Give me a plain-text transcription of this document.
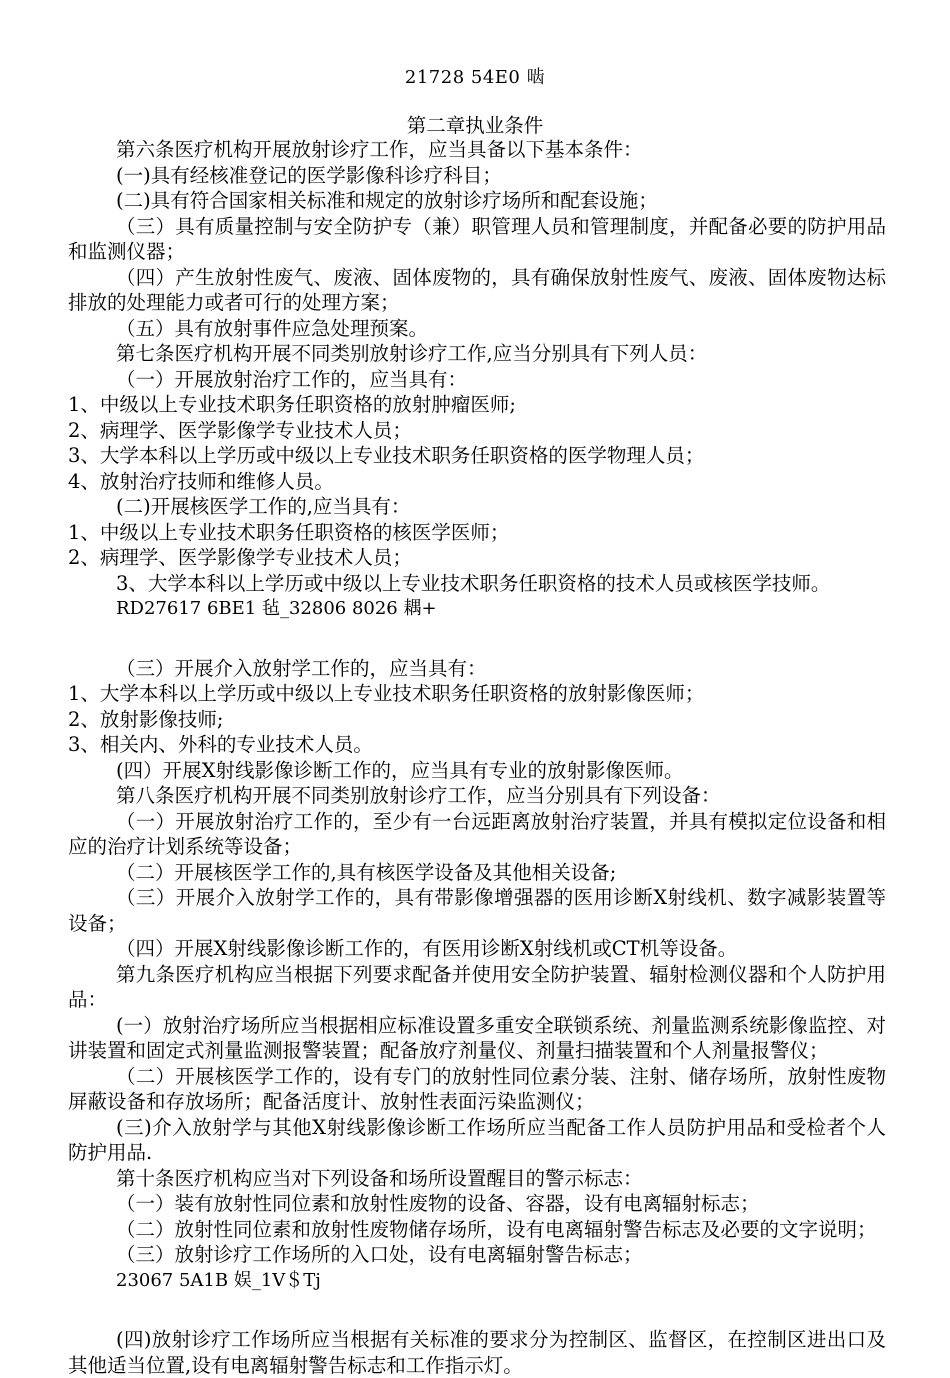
21728 54E0 啮
第二章执业条件

第六条医疗机构开展放射诊疗工作，应当具备以下基本条件：

(一)具有经核准登记的医学影像科诊疗科目；

(二)具有符合国家相关标准和规定的放射诊疗场所和配套设施；

（三）具有质量控制与安全防护专（兼）职管理人员和管理制度，并配备必要的防护用品和监测仪器；

（四）产生放射性废气、废液、固体废物的，具有确保放射性废气、废液、固体废物达标排放的处理能力或者可行的处理方案；

（五）具有放射事件应急处理预案。

第七条医疗机构开展不同类别放射诊疗工作,应当分别具有下列人员：

（一）开展放射治疗工作的，应当具有：

1、中级以上专业技术职务任职资格的放射肿瘤医师;

2、病理学、医学影像学专业技术人员；

3、大学本科以上学历或中级以上专业技术职务任职资格的医学物理人员；

4、放射治疗技师和维修人员。

(二)开展核医学工作的,应当具有：

1、中级以上专业技术职务任职资格的核医学医师；

2、病理学、医学影像学专业技术人员；

3、大学本科以上学历或中级以上专业技术职务任职资格的技术人员或核医学技师。

RD27617 6BE1 毡_32806 8026 耦+

（三）开展介入放射学工作的，应当具有：

1、大学本科以上学历或中级以上专业技术职务任职资格的放射影像医师；

2、放射影像技师;

3、相关内、外科的专业技术人员。

(四）开展X射线影像诊断工作的，应当具有专业的放射影像医师。

第八条医疗机构开展不同类别放射诊疗工作，应当分别具有下列设备：

（一）开展放射治疗工作的，至少有一台远距离放射治疗装置，并具有模拟定位设备和相应的治疗计划系统等设备；

（二）开展核医学工作的,具有核医学设备及其他相关设备;

（三）开展介入放射学工作的，具有带影像增强器的医用诊断X射线机、数字减影装置等设备；

（四）开展X射线影像诊断工作的，有医用诊断X射线机或CT机等设备。

第九条医疗机构应当根据下列要求配备并使用安全防护装置、辐射检测仪器和个人防护用品：

(一）放射治疗场所应当根据相应标准设置多重安全联锁系统、剂量监测系统影像监控、对讲装置和固定式剂量监测报警装置；配备放疗剂量仪、剂量扫描装置和个人剂量报警仪；

（二）开展核医学工作的，设有专门的放射性同位素分装、注射、储存场所，放射性废物屏蔽设备和存放场所；配备活度计、放射性表面污染监测仪；

(三)介入放射学与其他X射线影像诊断工作场所应当配备工作人员防护用品和受检者个人防护用品.

第十条医疗机构应当对下列设备和场所设置醒目的警示标志：

（一）装有放射性同位素和放射性废物的设备、容器，设有电离辐射标志；

（二）放射性同位素和放射性废物储存场所，设有电离辐射警告标志及必要的文字说明；

（三）放射诊疗工作场所的入口处，设有电离辐射警告标志；

23067 5A1B 娱_1V＄Tj

(四)放射诊疗工作场所应当根据有关标准的要求分为控制区、监督区，在控制区进出口及其他适当位置,设有电离辐射警告标志和工作指示灯。
